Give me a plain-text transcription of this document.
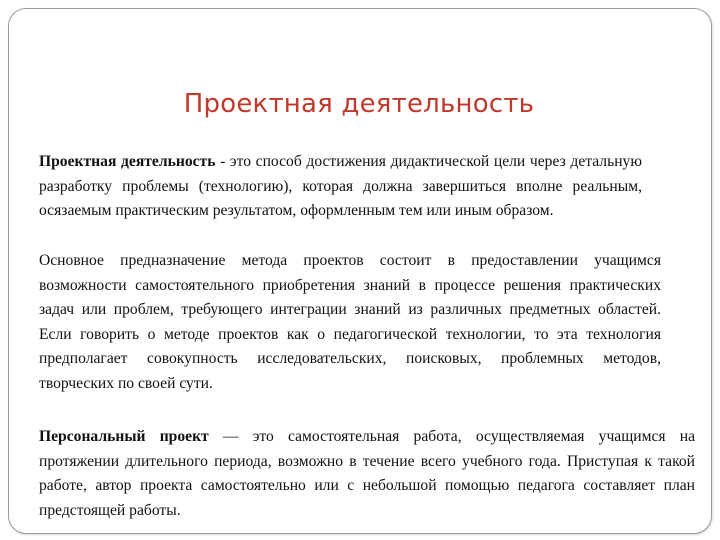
Проектная деятельность

Проектная деятельность - это способ достижения дидактической цели через детальную разработку проблемы (технологию), которая должна завершиться вполне реальным, осязаемым практическим результатом, оформленным тем или иным образом.

Основное предназначение метода проектов состоит в предоставлении учащимся возможности самостоятельного приобретения знаний в процессе решения практических задач или проблем, требующего интеграции знаний из различных предметных областей. Если говорить о методе проектов как о педагогической технологии, то эта технология предполагает совокупность исследовательских, поисковых, проблемных методов, творческих по своей сути.

Персональный проект — это самостоятельная работа, осуществляемая учащимся на протяжении длительного периода, возможно в течение всего учебного года. Приступая к такой работе, автор проекта самостоятельно или с небольшой помощью педагога составляет план предстоящей работы.
